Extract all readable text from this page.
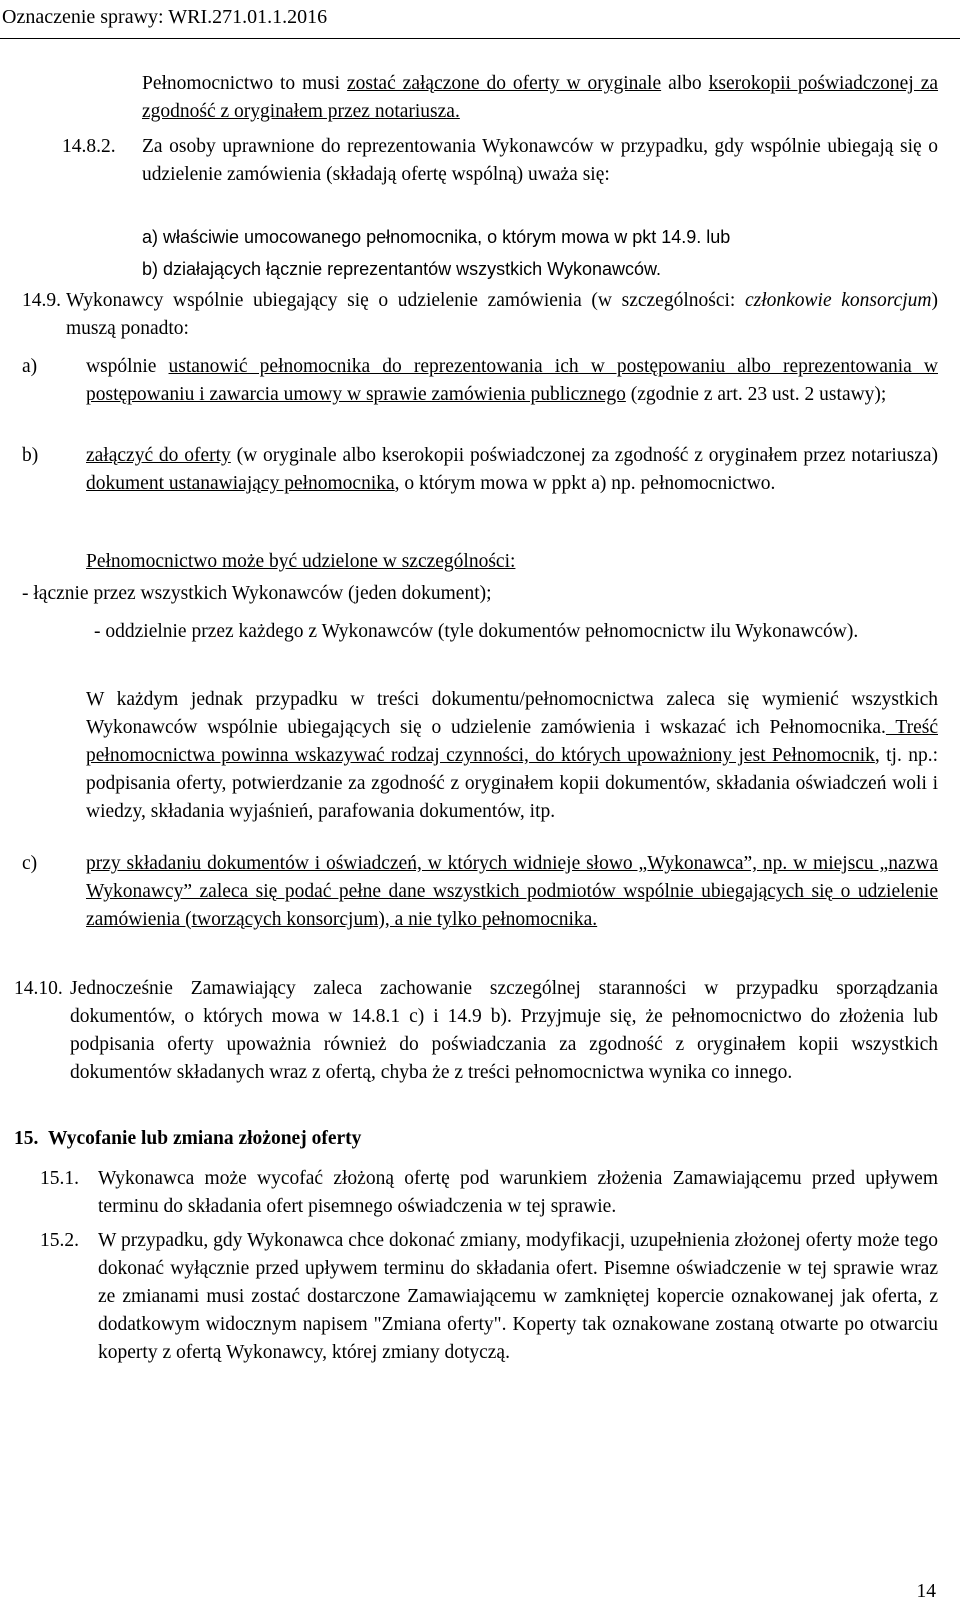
Oznaczenie sprawy: WRI.271.01.1.2016
Pełnomocnictwo to musi zostać załączone do oferty w oryginale albo kserokopii poświadczonej za zgodność z oryginałem przez notariusza.
14.8.2.	Za osoby uprawnione do reprezentowania Wykonawców w przypadku, gdy wspólnie ubiegają się o udzielenie zamówienia (składają ofertę wspólną) uważa się:
a) właściwie umocowanego pełnomocnika, o którym mowa w pkt 14.9. lub
b) działających łącznie reprezentantów wszystkich Wykonawców.
14.9. Wykonawcy wspólnie ubiegający się o udzielenie zamówienia (w szczególności: członkowie konsorcjum) muszą ponadto:
a)	wspólnie ustanowić pełnomocnika do reprezentowania ich w postępowaniu albo reprezentowania w postępowaniu i zawarcia umowy w sprawie zamówienia publicznego (zgodnie z art. 23 ust. 2 ustawy);
b)	załączyć do oferty (w oryginale albo kserokopii poświadczonej za zgodność z oryginałem przez notariusza) dokument ustanawiający pełnomocnika, o którym mowa w ppkt a) np. pełnomocnictwo.
Pełnomocnictwo może być udzielone w szczególności:
- łącznie przez wszystkich Wykonawców (jeden dokument);
- oddzielnie przez każdego z Wykonawców (tyle dokumentów pełnomocnictw ilu Wykonawców).
W każdym jednak przypadku w treści dokumentu/pełnomocnictwa zaleca się wymienić wszystkich Wykonawców wspólnie ubiegających się o udzielenie zamówienia i wskazać ich Pełnomocnika. Treść pełnomocnictwa powinna wskazywać rodzaj czynności, do których upoważniony jest Pełnomocnik, tj. np.: podpisania oferty, potwierdzanie za zgodność z oryginałem kopii dokumentów, składania oświadczeń woli i wiedzy, składania wyjaśnień, parafowania dokumentów, itp.
c)	przy składaniu dokumentów i oświadczeń, w których widnieje słowo „Wykonawca”, np. w miejscu „nazwa Wykonawcy” zaleca się podać pełne dane wszystkich podmiotów wspólnie ubiegających się o udzielenie zamówienia (tworzących konsorcjum), a nie tylko pełnomocnika.
14.10. Jednocześnie Zamawiający zaleca zachowanie szczególnej staranności w przypadku sporządzania dokumentów, o których mowa w 14.8.1 c) i 14.9 b). Przyjmuje się, że pełnomocnictwo do złożenia lub podpisania oferty upoważnia również do poświadczania za zgodność z oryginałem kopii wszystkich dokumentów składanych wraz z ofertą, chyba że z treści pełnomocnictwa wynika co innego.
15. Wycofanie lub zmiana złożonej oferty
15.1. Wykonawca może wycofać złożoną ofertę pod warunkiem złożenia Zamawiającemu przed upływem terminu do składania ofert pisemnego oświadczenia w tej sprawie.
15.2. W przypadku, gdy Wykonawca chce dokonać zmiany, modyfikacji, uzupełnienia złożonej oferty może tego dokonać wyłącznie przed upływem terminu do składania ofert. Pisemne oświadczenie w tej sprawie wraz ze zmianami musi zostać dostarczone Zamawiającemu w zamkniętej kopercie oznakowanej jak oferta, z dodatkowym widocznym napisem "Zmiana oferty". Koperty tak oznakowane zostaną otwarte po otwarciu koperty z ofertą Wykonawcy, której zmiany dotyczą.
14
